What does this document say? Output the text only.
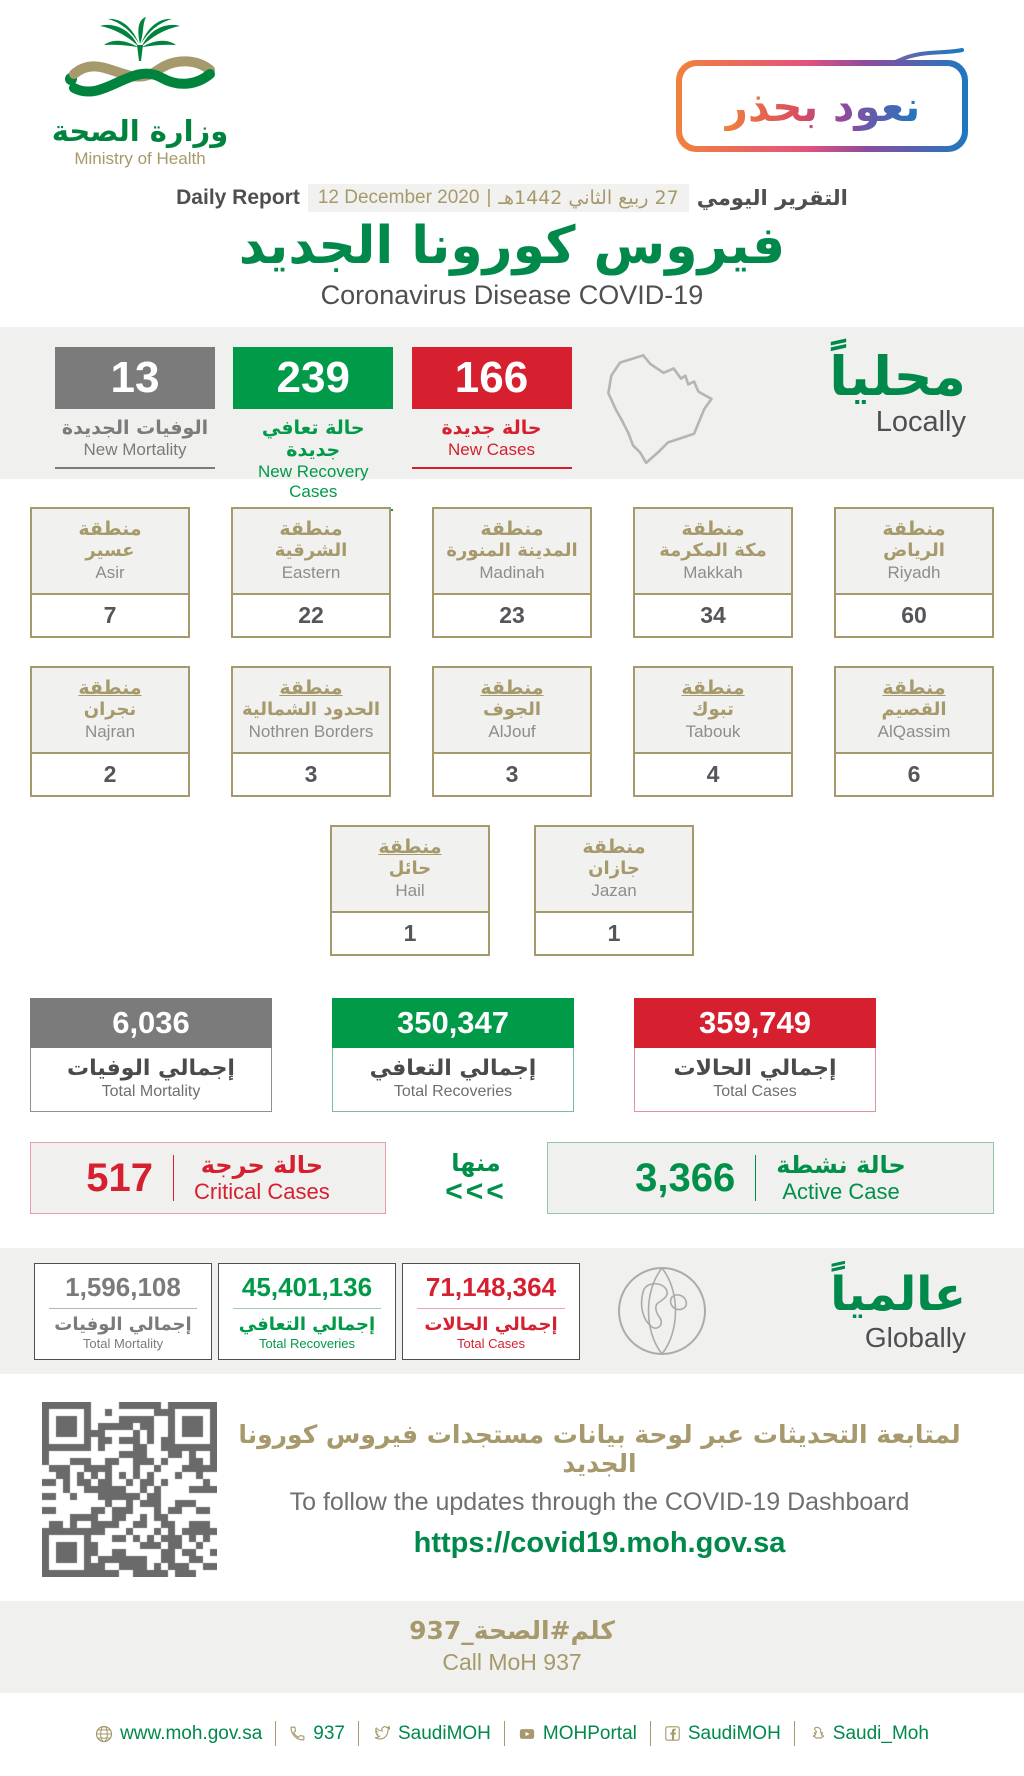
وزارة الصحة
Ministry of Health
نعود بحذر
Daily Report 12 December 2020 | 27 ربيع الثاني 1442هـ التقرير اليومي
فيروس كورونا الجديد
Coronavirus Disease COVID-19
محلياً
Locally
166
حالة جديدة
New Cases
239
حالة تعافي جديدة
New Recovery Cases
13
الوفيات الجديدة
New Mortality
منطقة
الرياض
Riyadh
60
منطقة
مكة المكرمة
Makkah
34
منطقة
المدينة المنورة
Madinah
23
منطقة
الشرقية
Eastern
22
منطقة
عسير
Asir
7
منطقة
القصيم
AlQassim
6
منطقة
تبوك
Tabouk
4
منطقة
الجوف
AlJouf
3
منطقة
الحدود الشمالية
Nothren Borders
3
منطقة
نجران
Najran
2
منطقة
جازان
Jazan
1
منطقة
حائل
Hail
1
6,036
إجمالي الوفيات
Total Mortality
350,347
إجمالي التعافي
Total Recoveries
359,749
إجمالي الحالات
Total Cases
حالة حرجة
Critical Cases
517	منها
<<<
حالة نشطة
Active Case
3,366
1,596,108
إجمالي الوفيات
Total Mortality
45,401,136
إجمالي التعافي
Total Recoveries
71,148,364
إجمالي الحالات
Total Cases
عالمياً
Globally
لمتابعة التحديثات عبر لوحة بيانات مستجدات فيروس كورونا الجديد
To follow the updates through the COVID-19 Dashboard
https://covid19.moh.gov.sa
كلم#الصحة_937
Call MoH 937
www.moh.gov.sa	937	SaudiMOH	MOHPortal	SaudiMOH	Saudi_Moh
